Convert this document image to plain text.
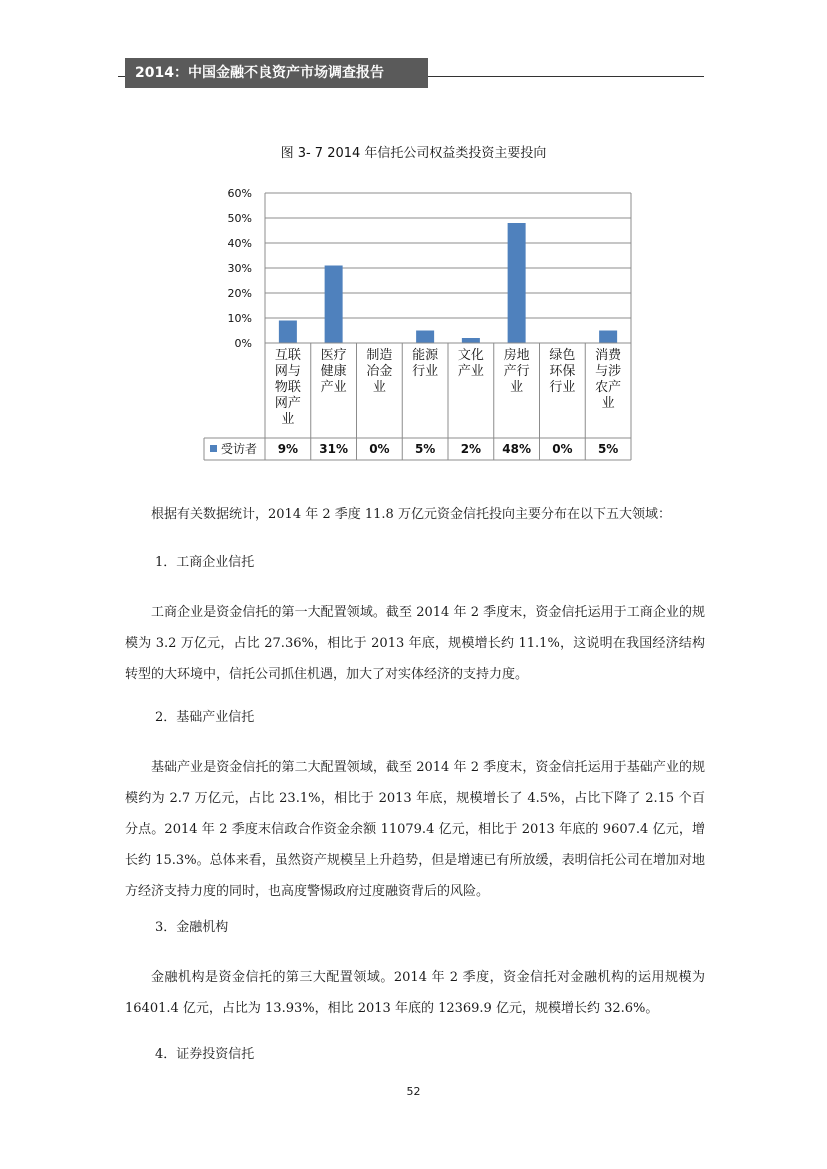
2014：中国金融不良资产市场调查报告
图 3- 7 2014 年信托公司权益类投资主要投向
0%
10%
20%
30%
40%
50%
60%
互联网与物联网产业
医疗健康产业
制造冶金业
能源行业
文化产业
房地产行业
绿色环保行业
消费与涉农产业
受访者 9% 31% 0% 5% 2% 48% 0% 5%
根据有关数据统计，2014 年 2 季度 11.8 万亿元资金信托投向主要分布在以下五大领域：
1．工商企业信托
工商企业是资金信托的第一大配置领域。截至 2014 年 2 季度末，资金信托运用于工商企业的规模为 3.2 万亿元，占比 27.36%，相比于 2013 年底，规模增长约 11.1%，这说明在我国经济结构转型的大环境中，信托公司抓住机遇，加大了对实体经济的支持力度。
2．基础产业信托
基础产业是资金信托的第二大配置领域，截至 2014 年 2 季度末，资金信托运用于基础产业的规模约为 2.7 万亿元，占比 23.1%，相比于 2013 年底，规模增长了 4.5%，占比下降了 2.15 个百分点。2014 年 2 季度末信政合作资金余额 11079.4 亿元，相比于 2013 年底的 9607.4 亿元，增长约 15.3%。总体来看，虽然资产规模呈上升趋势，但是增速已有所放缓，表明信托公司在增加对地方经济支持力度的同时，也高度警惕政府过度融资背后的风险。
3．金融机构
金融机构是资金信托的第三大配置领域。2014 年 2 季度，资金信托对金融机构的运用规模为 16401.4 亿元，占比为 13.93%，相比 2013 年底的 12369.9 亿元，规模增长约 32.6%。
4．证券投资信托
52
